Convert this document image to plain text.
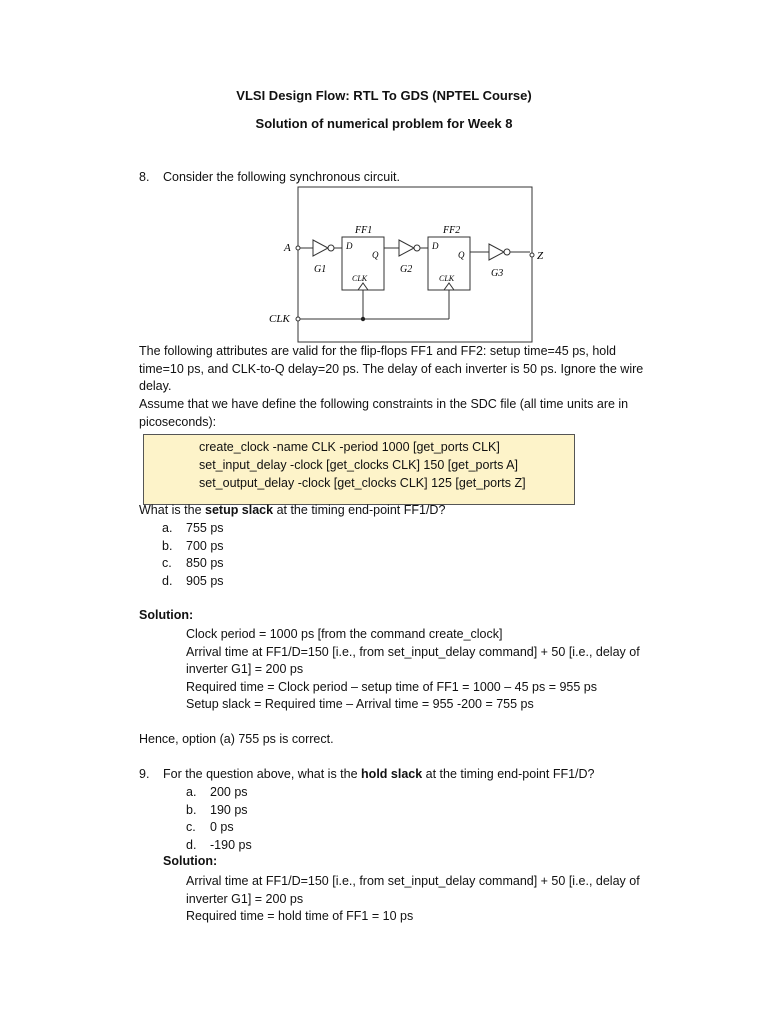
VLSI Design Flow: RTL To GDS (NPTEL Course)
Solution of numerical problem for Week 8
8. Consider the following synchronous circuit.
A
G1
FF1
D
Q
CLK
G2
FF2
D
Q
CLK
Z
G3
CLK
The following attributes are valid for the flip-flops FF1 and FF2: setup time=45 ps, hold
time=10 ps, and CLK-to-Q delay=20 ps. The delay of each inverter is 50 ps. Ignore the wire
delay.
Assume that we have define the following constraints in the SDC file (all time units are in
picoseconds):
create_clock -name CLK -period 1000 [get_ports CLK]
set_input_delay -clock [get_clocks CLK] 150 [get_ports A]
set_output_delay -clock [get_clocks CLK] 125 [get_ports Z]
What is the setup slack at the timing end-point FF1/D?
a. 755 ps
b. 700 ps
c. 850 ps
d. 905 ps
Solution:
Clock period = 1000 ps [from the command create_clock]
Arrival time at FF1/D=150 [i.e., from set_input_delay command] + 50 [i.e., delay of
inverter G1] = 200 ps
Required time = Clock period – setup time of FF1 = 1000 – 45 ps = 955 ps
Setup slack = Required time – Arrival time = 955 -200 = 755 ps
Hence, option (a) 755 ps is correct.
9. For the question above, what is the hold slack at the timing end-point FF1/D?
a. 200 ps
b. 190 ps
c. 0 ps
d. -190 ps
Solution:
Arrival time at FF1/D=150 [i.e., from set_input_delay command] + 50 [i.e., delay of
inverter G1] = 200 ps
Required time = hold time of FF1 = 10 ps
